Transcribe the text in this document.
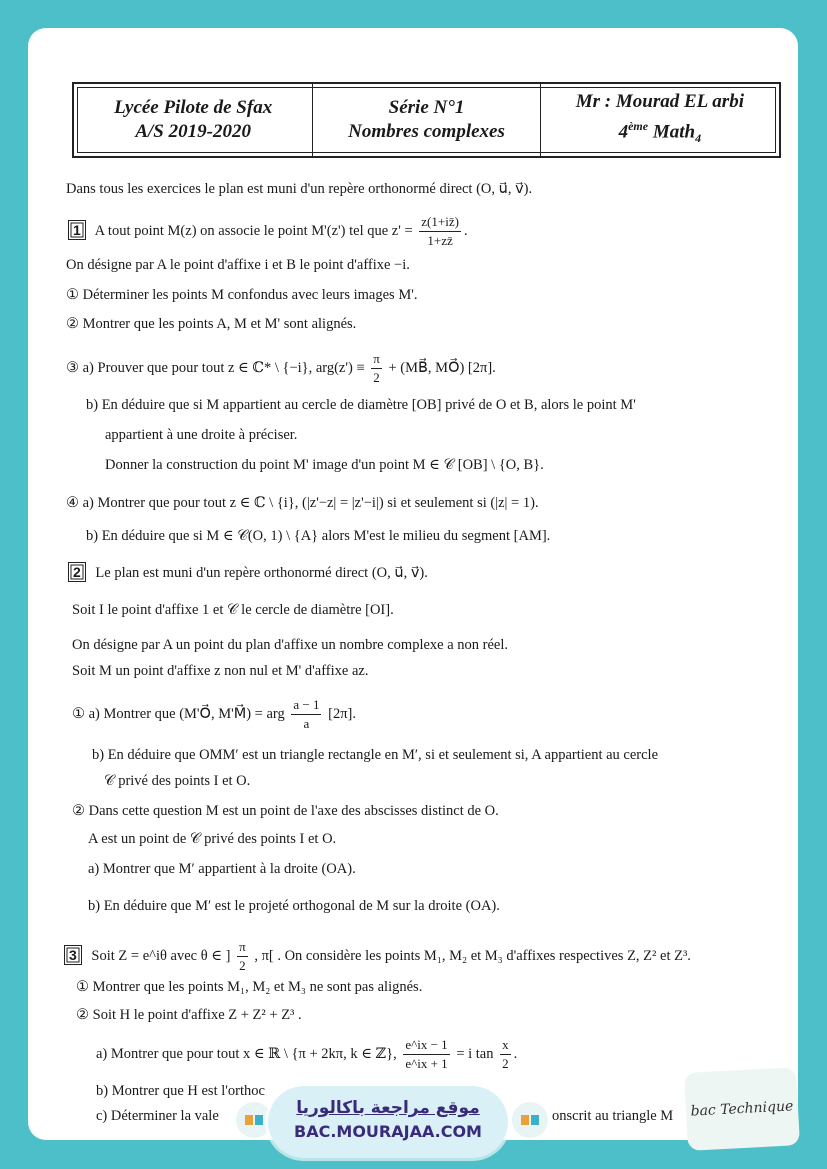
Lycée Pilote de Sfax
A/S 2019-2020
Série N°1
Nombres complexes
Mr : Mourad EL arbi
4ème Math$_4$
Dans tous les exercices le plan est muni d'un repère orthonormé direct (O, u⃗, v⃗).
1 A tout point M(z) on associe le point M'(z') tel que $z' = \frac{z(1+iz̄)}{1+zz̄}$ .
On désigne par A le point d'affixe i et B le point d'affixe −i.
① Déterminer les points M confondus avec leurs images M'.
② Montrer que les points A, M et M' sont alignés.
③ a) Prouver que pour tout z ∈ ℂ* \ {−i}, $arg(z') \equiv \frac{\pi}{2}$ + (MB⃗, MO⃗) [2π].
b) En déduire que si M appartient au cercle de diamètre [OB] privé de O et B, alors le point M'
appartient à une droite à préciser.
Donner la construction du point M' image d'un point M ∈ 𝒞 [OB] \ {O, B}.
④ a) Montrer que pour tout z ∈ ℂ \ {i}, (|z'−z| = |z'−i|) si et seulement si (|z| = 1).
b) En déduire que si M ∈ 𝒞(O, 1) \ {A} alors M'est le milieu du segment [AM].
2 Le plan est muni d'un repère orthonormé direct (O, u⃗, v⃗).
Soit I le point d'affixe 1 et 𝒞 le cercle de diamètre [OI].
On désigne par A un point du plan d'affixe un nombre complexe a non réel.
Soit M un point d'affixe z non nul et M' d'affixe az.
① a) Montrer que (M'O⃗, M'M⃗) = arg $\frac{a - 1}{a} [2\pi]$.
b) En déduire que OMM′ est un triangle rectangle en M′, si et seulement si, A appartient au cercle
𝒞 privé des points I et O.
② Dans cette question M est un point de l'axe des abscisses distinct de O.
A est un point de 𝒞 privé des points I et O.
a) Montrer que M′ appartient à la droite (OA).
b) En déduire que M′ est le projeté orthogonal de M sur la droite (OA).
3 Soit Z = e^iθ avec θ ∈ ] $\frac{\pi}{2}$ , π[ . On considère les points M₁, M₂ et M₃ d'affixes respectives Z, Z² et Z³.
① Montrer que les points M₁, M₂ et M₃ ne sont pas alignés.
② Soit H le point d'affixe Z + Z² + Z³ .
a) Montrer que pour tout x ∈ ℝ \ {π + 2kπ, k ∈ ℤ}, $\frac{e\^{}ix - 1}{e\^{}ix + 1} = i$ $\tan \frac{x}{2}$ .
b) Montrer que H est l'orthoc
c) Déterminer la vale	onscrit au triangle M
موقع مراجعة باكالوريا
BAC.MOURAJAA.COM
bac Technique
